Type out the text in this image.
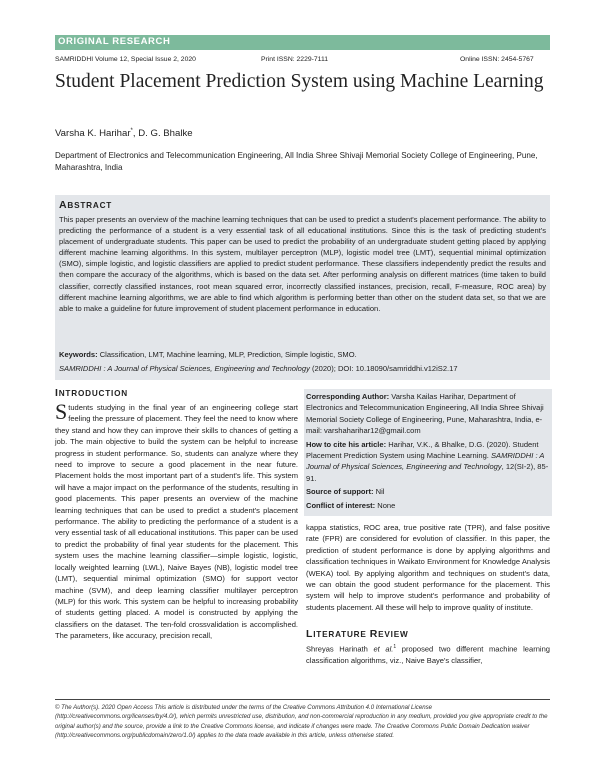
ORIGINAL RESEARCH
SAMRIDDHI Volume 12, Special Issue 2, 2020	Print ISSN: 2229-7111	Online ISSN: 2454-5767
Student Placement Prediction System using Machine Learning
Varsha K. Harihar*, D. G. Bhalke
Department of Electronics and Telecommunication Engineering, All India Shree Shivaji Memorial Society College of Engineering, Pune, Maharashtra, India
ABSTRACT
This paper presents an overview of the machine learning techniques that can be used to predict a student's placement performance. The ability to predicting the performance of a student is a very essential task of all educational institutions. Since this is the task of predicting student's placement of undergraduate students. This paper can be used to predict the probability of an undergraduate student getting placed by applying different machine learning algorithms. In this system, multilayer perceptron (MLP), logistic model tree (LMT), sequential minimal optimization (SMO), simple logistic, and logistic classifiers are applied to predict student performance. These classifiers independently predict the results and then compare the accuracy of the algorithms, which is based on the data set. After performing analysis on different matrices (time taken to build classifier, correctly classified instances, root mean squared error, incorrectly classified instances, precision, recall, F-measure, ROC area) by different machine learning algorithms, we are able to find which algorithm is performing better than other on the student data set, so that we are able to make a guideline for future improvement of student placement performance in education.
Keywords: Classification, LMT, Machine learning, MLP, Prediction, Simple logistic, SMO.
SAMRIDDHI : A Journal of Physical Sciences, Engineering and Technology (2020); DOI: 10.18090/samriddhi.v12iS2.17
INTRODUCTION
Students studying in the final year of an engineering college start feeling the pressure of placement. They feel the need to know where they stand and how they can improve their skills to chances of getting a job. The main objective to build the system can be helpful to increase progress in student performance. So, students can analyze where they need to improve to secure a good placement in the near future. Placement holds the most important part of a student's life. This system will have a major impact on the performance of the students, resulting in good placements. This paper presents an overview of the machine learning techniques that can be used to predict a student's placement performance. The ability to predicting the performance of a student is a very essential task of all educational institutions. This paper can be used to predict the probability of final year students for the placement. This system uses the machine learning classifier—simple logistic, logistic, locally weighted learning (LWL), Naive Bayes (NB), logistic model tree (LMT), sequential minimal optimization (SMO) for support vector machine (SVM), and deep learning classifier multilayer perceptron (MLP) for this work. This system can be helpful to increasing probability of students getting placed. A model is constructed by applying the classifiers on the dataset. The ten-fold crossvalidation is accomplished. The parameters, like accuracy, precision recall,

Corresponding Author: Varsha Kailas Harihar, Department of Electronics and Telecommunication Engineering, All India Shree Shivaji Memorial Society College of Engineering, Pune, Maharashtra, India, e-mail: varshaharihar12@gmail.com

How to cite his article: Harihar, V.K., & Bhalke, D.G. (2020). Student Placement Prediction System using Machine Learning. SAMRIDDHI : A Journal of Physical Sciences, Engineering and Technology, 12(SI-2), 85-91.

Source of support: Nil

Conflict of interest: None

kappa statistics, ROC area, true positive rate (TPR), and false positive rate (FPR) are considered for evolution of classifier. In this paper, the prediction of student performance is done by applying algorithms and classification techniques in Waikato Environment for Knowledge Analysis (WEKA) tool. By applying algorithm and techniques on student's data, we can obtain the good student performance for the placement. This system will help to improve student's performance and probability of students placement. All these will help to improve quality of institute.
LITERATURE REVIEW
Shreyas Harinath et al.$^1$ proposed two different machine learning classification algorithms, viz., Naive Baye's classifier,
© The Author(s). 2020 Open Access This article is distributed under the terms of the Creative Commons Attribution 4.0 International License (http://creativecommons.org/licenses/by/4.0/), which permits unrestricted use, distribution, and non-commercial reproduction in any medium, provided you give appropriate credit to the original author(s) and the source, provide a link to the Creative Commons license, and indicate if changes were made. The Creative Commons Public Domain Dedication waiver (http://creativecommons.org/publicdomain/zero/1.0/) applies to the data made available in this article, unless otherwise stated.
